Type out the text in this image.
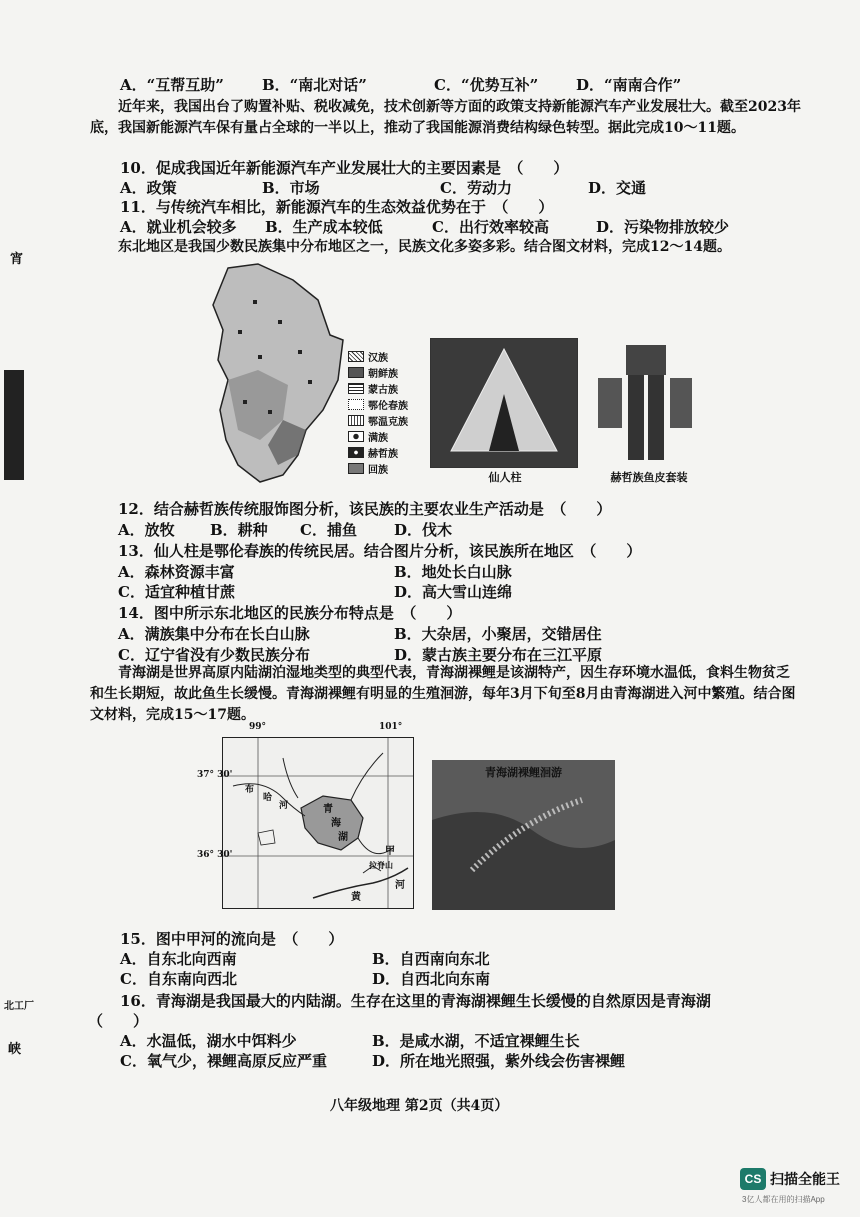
A．“互帮互助”	B．“南北对话”	C．“优势互补”	D．“南南合作”
近年来，我国出台了购置补贴、税收减免，技术创新等方面的政策支持新能源汽车产业发展壮大。截至2023年底，我国新能源汽车保有量占全球的一半以上，推动了我国能源消费结构绿色转型。据此完成10～11题。
10．促成我国近年新能源汽车产业发展壮大的主要因素是　（　　）
A．政策	B．市场	C．劳动力	D．交通
11．与传统汽车相比，新能源汽车的生态效益优势在于　（　　）
A．就业机会较多 B．生产成本较低	C．出行效率较高	D．污染物排放较少
东北地区是我国少数民族集中分布地区之一，民族文化多姿多彩。结合图文材料，完成12～14题。
汉族
朝鲜族
蒙古族
鄂伦春族
鄂温克族
满族
赫哲族
回族
仙人柱	赫哲族鱼皮套装
12．结合赫哲族传统服饰图分析，该民族的主要农业生产活动是　（　　）
A．放牧 B．耕种 C．捕鱼 D．伐木
13．仙人柱是鄂伦春族的传统民居。结合图片分析，该民族所在地区　（　　）
A．森林资源丰富	B．地处长白山脉
C．适宜种植甘蔗	D．高大雪山连绵
14．图中所示东北地区的民族分布特点是　（　　）
A．满族集中分布在长白山脉	B．大杂居，小聚居，交错居住
C．辽宁省没有少数民族分布	D．蒙古族主要分布在三江平原
青海湖是世界高原内陆湖泊湿地类型的典型代表，青海湖裸鲤是该湖特产，因生存环境水温低，食料生物贫乏和生长期短，故此鱼生长缓慢。青海湖裸鲤有明显的生殖洄游，每年3月下旬至8月由青海湖进入河中繁殖。结合图文材料，完成15～17题。
99°	101°
37° 30'
36° 30'
布
哈
河	青
海
湖
甲
拉脊山
黄
河
青海湖裸鲤洄游
15．图中甲河的流向是　（　　）
A．自东北向西南	B．自西南向东北
C．自东南向西北	D．自西北向东南
16．青海湖是我国最大的内陆湖。生存在这里的青海湖裸鲤生长缓慢的自然原因是青海湖
（　　）
A．水温低，湖水中饵料少	B．是咸水湖，不适宜裸鲤生长
C．氧气少，裸鲤高原反应严重	D．所在地光照强，紫外线会伤害裸鲤
八年级地理 第2页（共4页）
宵
北工厂
峡
CS 扫描全能王
3亿人都在用的扫描App
